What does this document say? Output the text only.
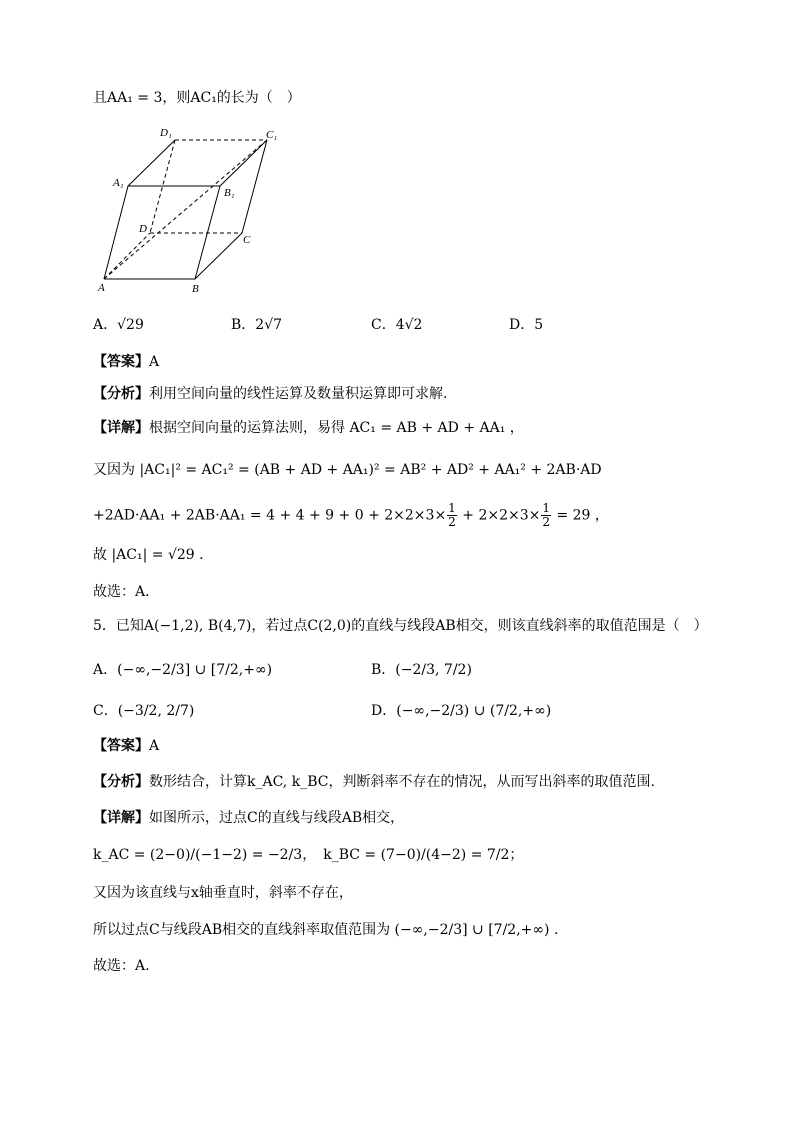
且AA₁ = 3，则AC₁的长为（　）
D₁	C₁
A₁
B₁
D
C
A	B
A．√29	B．2√7	C．4√2	D．5
【答案】A
【分析】利用空间向量的线性运算及数量积运算即可求解.
【详解】根据空间向量的运算法则，易得 AC₁ = AB + AD + AA₁ ，
又因为 |AC₁|² = AC₁² = (AB + AD + AA₁)² = AB² + AD² + AA₁² + 2AB·AD
$+2AD\cdot AA_1 + 2AB\cdot AA_1 = 4 + 4 + 9 + 0 + 2\times 2\times 3\times \frac{1}{2} + 2\times 2\times 3\times \frac{1}{2} = 29$ ，
故 |AC₁| = √29 .
故选：A．
5．已知A(−1,2), B(4,7)，若过点C(2,0)的直线与线段AB相交，则该直线斜率的取值范围是（　）
A．(−∞,−2/3] ∪ [7/2,+∞)	B．(−2/3, 7/2)
C．(−3/2, 2/7)	D．(−∞,−2/3) ∪ (7/2,+∞)
【答案】A
【分析】数形结合，计算k_AC, k_BC，判断斜率不存在的情况，从而写出斜率的取值范围.
【详解】如图所示，过点C的直线与线段AB相交，
k_AC = (2−0)/(−1−2) = −2/3，　 k_BC = (7−0)/(4−2) = 7/2；
又因为该直线与x轴垂直时，斜率不存在，
所以过点C与线段AB相交的直线斜率取值范围为 (−∞,−2/3] ∪ [7/2,+∞) .
故选：A.
